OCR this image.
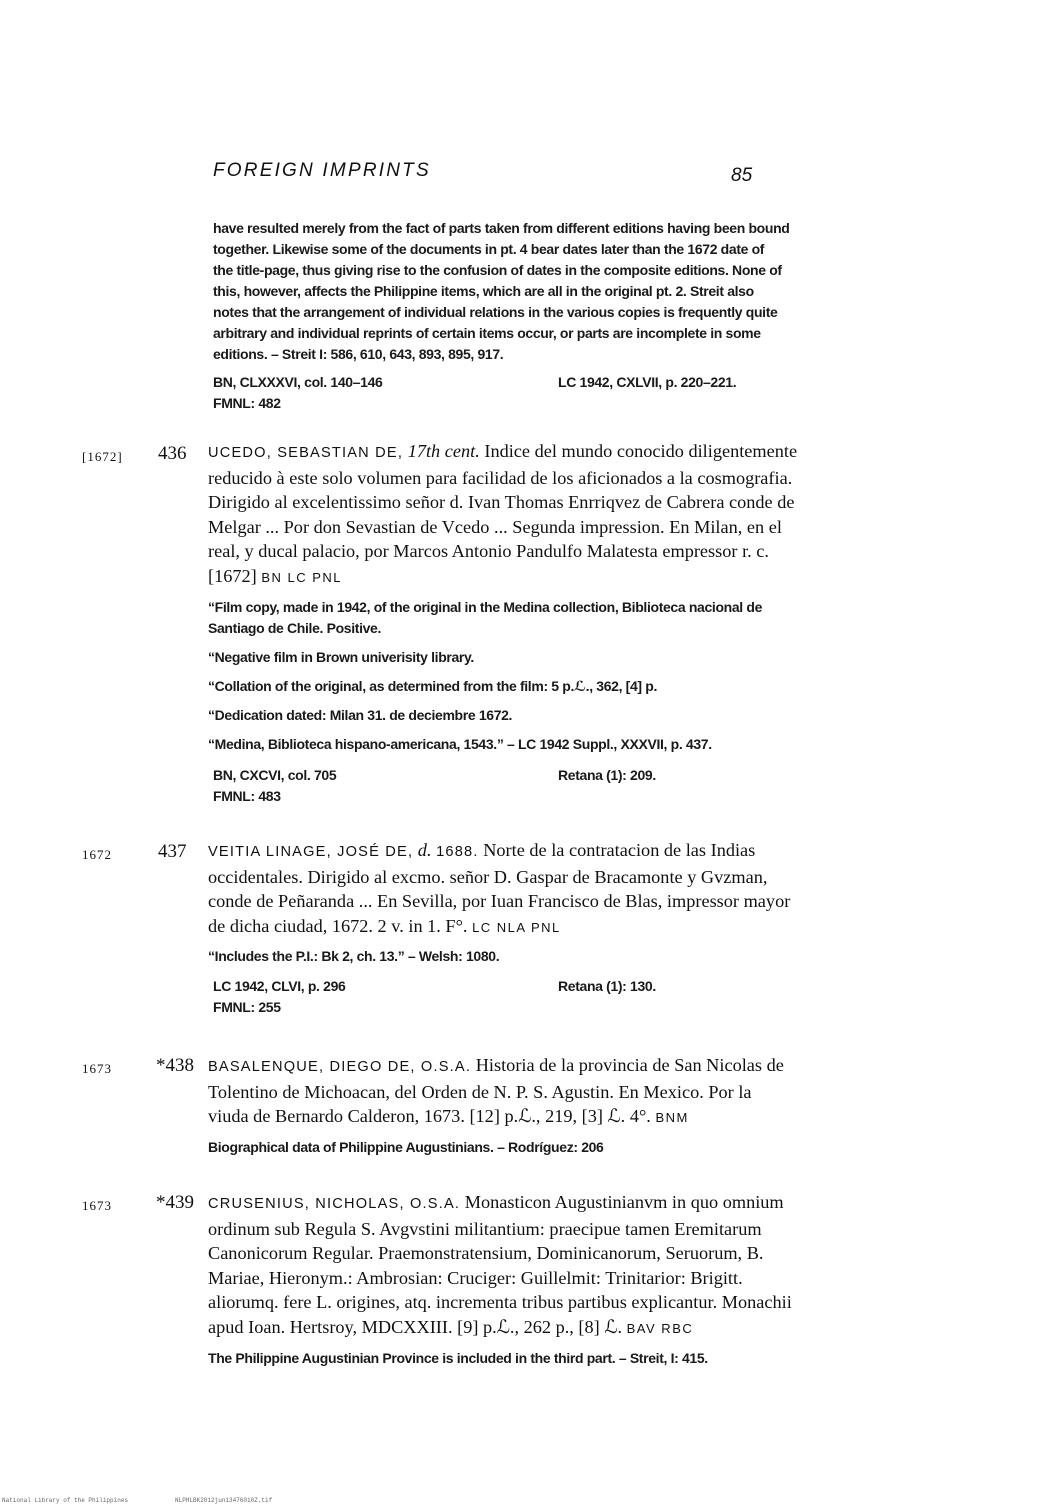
FOREIGN IMPRINTS	85
have resulted merely from the fact of parts taken from different editions having been bound
together. Likewise some of the documents in pt. 4 bear dates later than the 1672 date of
the title-page, thus giving rise to the confusion of dates in the composite editions. None of
this, however, affects the Philippine items, which are all in the original pt. 2. Streit also
notes that the arrangement of individual relations in the various copies is frequently quite
arbitrary and individual reprints of certain items occur, or parts are incomplete in some
editions. – Streit I: 586, 610, 643, 893, 895, 917.
BN, CLXXXVI, col. 140–146
FMNL: 482
LC 1942, CXLVII, p. 220–221.
[1672] 436 UCEDO, SEBASTIAN DE, 17th cent. Indice del mundo conocido diligentemente
reducido à este solo volumen para facilidad de los aficionados a la cosmografia.
Dirigido al excelentissimo señor d. Ivan Thomas Enrriqvez de Cabrera conde de
Melgar ... Por don Sevastian de Vcedo ... Segunda impression. En Milan, en el
real, y ducal palacio, por Marcos Antonio Pandulfo Malatesta empressor r. c.
[1672] BN LC PNL
“Film copy, made in 1942, of the original in the Medina collection, Biblioteca nacional de
Santiago de Chile. Positive.
“Negative film in Brown univerisity library.
“Collation of the original, as determined from the film: 5 p.ℒ., 362, [4] p.
“Dedication dated: Milan 31. de deciembre 1672.
“Medina, Biblioteca hispano-americana, 1543.” – LC 1942 Suppl., XXXVII, p. 437.
BN, CXCVI, col. 705
FMNL: 483
Retana (1): 209.
1672 437 VEITIA LINAGE, JOSÉ DE, d. 1688. Norte de la contratacion de las Indias
occidentales. Dirigido al excmo. señor D. Gaspar de Bracamonte y Gvzman,
conde de Peñaranda ... En Sevilla, por Iuan Francisco de Blas, impressor mayor
de dicha ciudad, 1672. 2 v. in 1. F°. LC NLA PNL
“Includes the P.I.: Bk 2, ch. 13.” – Welsh: 1080.
LC 1942, CLVI, p. 296
FMNL: 255
Retana (1): 130.
1673 *438 BASALENQUE, DIEGO DE, O.S.A. Historia de la provincia de San Nicolas de
Tolentino de Michoacan, del Orden de N. P. S. Agustin. En Mexico. Por la
viuda de Bernardo Calderon, 1673. [12] p.ℒ., 219, [3] ℒ. 4°. BNM
Biographical data of Philippine Augustinians. – Rodríguez: 206
1673 *439 CRUSENIUS, NICHOLAS, O.S.A. Monasticon Augustinianvm in quo omnium
ordinum sub Regula S. Avgvstini militantium: praecipue tamen Eremitarum
Canonicorum Regular. Praemonstratensium, Dominicanorum, Seruorum, B.
Mariae, Hieronym.: Ambrosian: Cruciger: Guillelmit: Trinitarior: Brigitt.
aliorumq. fere L. origines, atq. incrementa tribus partibus explicantur. Monachii
apud Ioan. Hertsroy, MDCXXIII. [9] p.ℒ., 262 p., [8] ℒ. BAV RBC
The Philippine Augustinian Province is included in the third part. – Streit, I: 415.
National Library of the Philippines	NLPHLBK2012jun13476010Z.tif
